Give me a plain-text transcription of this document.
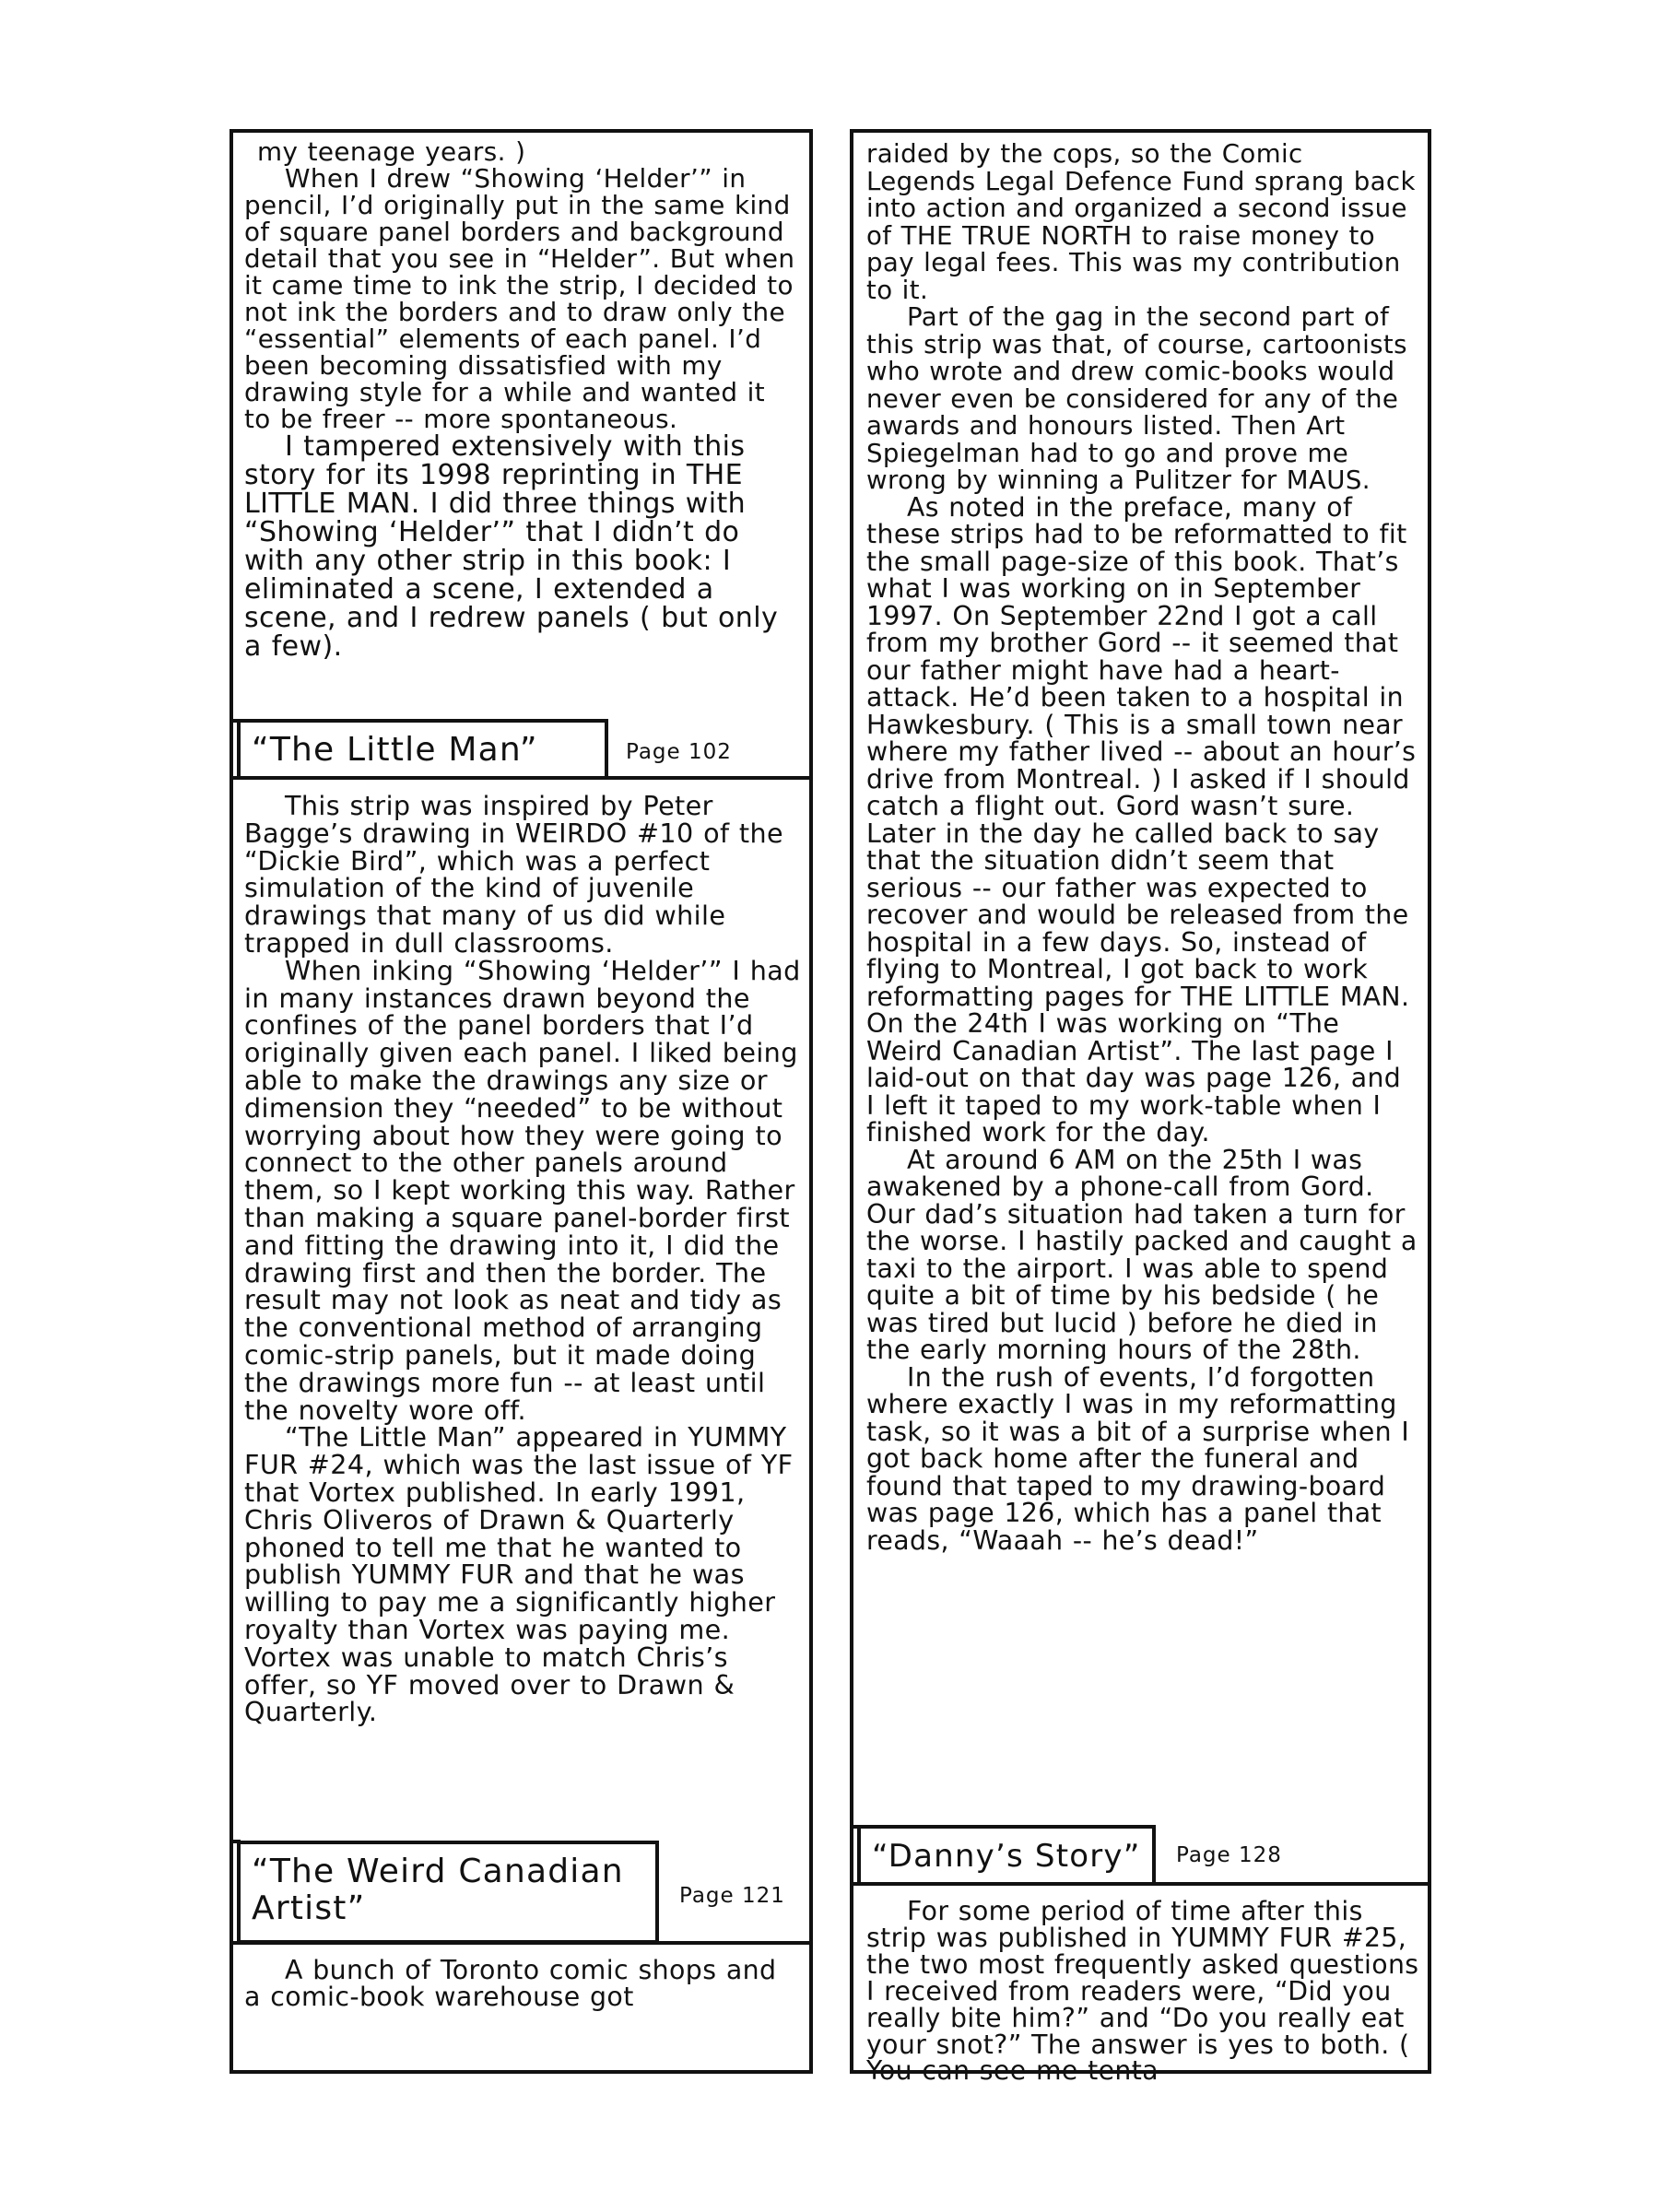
my teenage years. )

When I drew “Showing ‘Helder’” in pencil, I’d originally put in the same kind of square panel borders and background detail that you see in “Helder”. But when it came time to ink the strip, I decided to not ink the borders and to draw only the “essential” elements of each panel. I’d been becoming dissatisfied with my drawing style for a while and wanted it to be freer -- more spontaneous.

I tampered extensively with this story for its 1998 reprinting in THE LITTLE MAN. I did three things with “Showing ‘Helder’” that I didn’t do with any other strip in this book: I eliminated a scene, I extended a scene, and I redrew panels ( but only a few).

“The Little Man”	Page 102

This strip was inspired by Peter Bagge’s drawing in WEIRDO #10 of the “Dickie Bird”, which was a perfect simulation of the kind of juvenile drawings that many of us did while trapped in dull classrooms.

When inking “Showing ‘Helder’” I had in many instances drawn beyond the confines of the panel borders that I’d originally given each panel. I liked being able to make the drawings any size or dimension they “needed” to be without worrying about how they were going to connect to the other panels around them, so I kept working this way. Rather than making a square panel-border first and fitting the drawing into it, I did the drawing first and then the border. The result may not look as neat and tidy as the conventional method of arranging comic-strip panels, but it made doing the drawings more fun -- at least until the novelty wore off.

“The Little Man” appeared in YUMMY FUR #24, which was the last issue of YF that Vortex published. In early 1991, Chris Oliveros of Drawn & Quarterly phoned to tell me that he wanted to publish YUMMY FUR and that he was willing to pay me a significantly higher royalty than Vortex was paying me. Vortex was unable to match Chris’s offer, so YF moved over to Drawn & Quarterly.

“The Weird Canadian
Artist”	Page 121

A bunch of Toronto comic shops and a comic-book warehouse got

raided by the cops, so the Comic Legends Legal Defence Fund sprang back into action and organized a second issue of THE TRUE NORTH to raise money to pay legal fees. This was my contribution to it.

Part of the gag in the second part of this strip was that, of course, cartoonists who wrote and drew comic-books would never even be considered for any of the awards and honours listed. Then Art Spiegelman had to go and prove me wrong by winning a Pulitzer for MAUS.

As noted in the preface, many of these strips had to be reformatted to fit the small page-size of this book. That’s what I was working on in September 1997. On September 22nd I got a call from my brother Gord -- it seemed that our father might have had a heart-attack. He’d been taken to a hospital in Hawkesbury. ( This is a small town near where my father lived -- about an hour’s drive from Montreal. ) I asked if I should catch a flight out. Gord wasn’t sure. Later in the day he called back to say that the situation didn’t seem that serious -- our father was expected to recover and would be released from the hospital in a few days. So, instead of flying to Montreal, I got back to work reformatting pages for THE LITTLE MAN. On the 24th I was working on “The Weird Canadian Artist”. The last page I laid-out on that day was page 126, and I left it taped to my work-table when I finished work for the day.

At around 6 AM on the 25th I was awakened by a phone-call from Gord. Our dad’s situation had taken a turn for the worse. I hastily packed and caught a taxi to the airport. I was able to spend quite a bit of time by his bedside ( he was tired but lucid ) before he died in the early morning hours of the 28th.

In the rush of events, I’d forgotten where exactly I was in my reformatting task, so it was a bit of a surprise when I got back home after the funeral and found that taped to my drawing-board was page 126, which has a panel that reads, “Waaah -- he’s dead!”

“Danny’s Story”	Page 128

For some period of time after this strip was published in YUMMY FUR #25, the two most frequently asked questions I received from readers were, “Did you really bite him?” and “Do you really eat your snot?” The answer is yes to both. ( You can see me tenta-
